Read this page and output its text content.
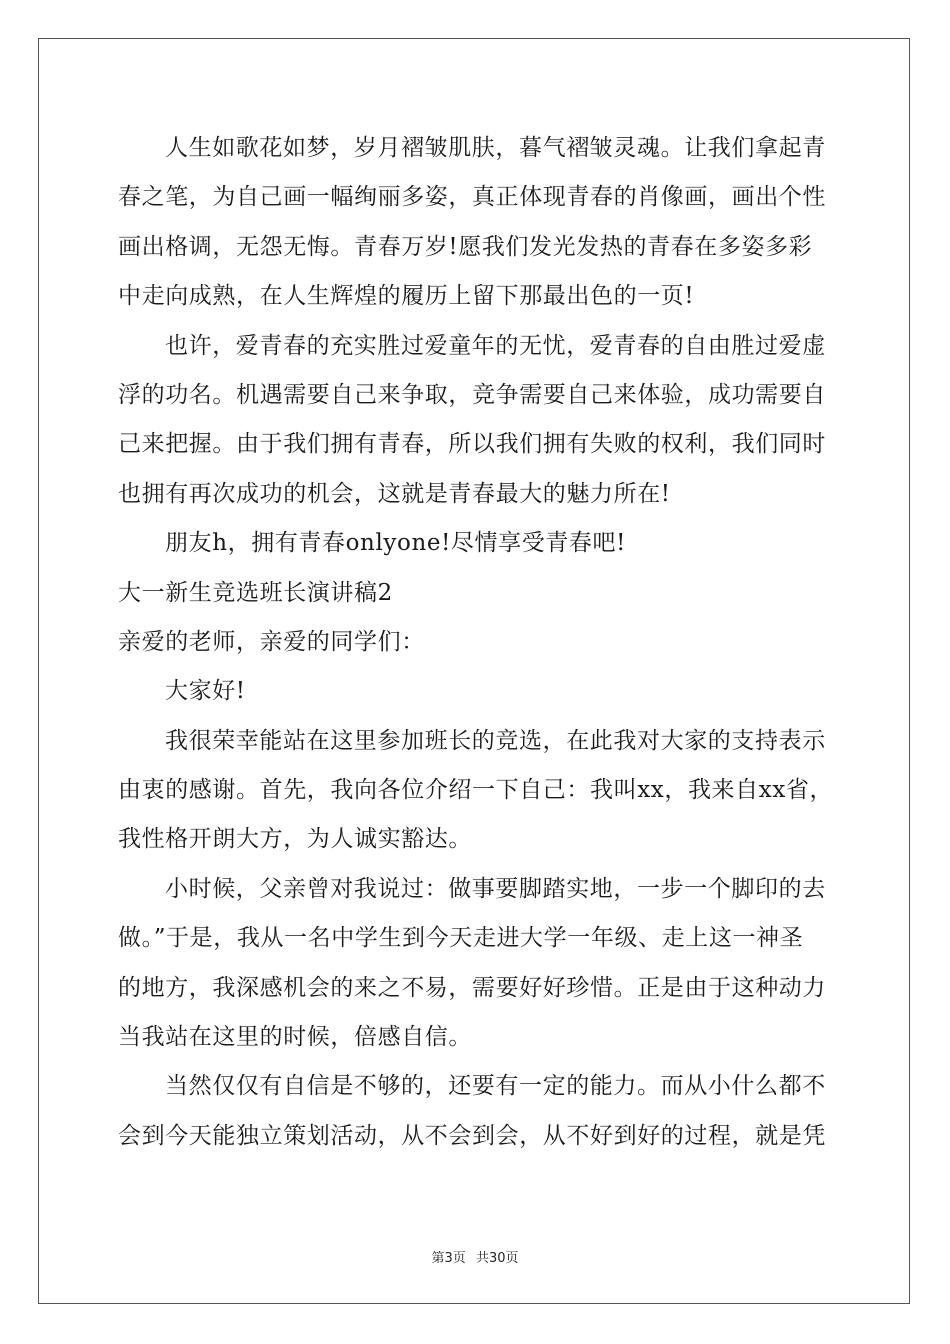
人生如歌花如梦，岁月褶皱肌肤，暮气褶皱灵魂。让我们拿起青
春之笔，为自己画一幅绚丽多姿，真正体现青春的肖像画，画出个性
画出格调，无怨无悔。青春万岁!愿我们发光发热的青春在多姿多彩
中走向成熟，在人生辉煌的履历上留下那最出色的一页!
也许，爱青春的充实胜过爱童年的无忧，爱青春的自由胜过爱虚
浮的功名。机遇需要自己来争取，竞争需要自己来体验，成功需要自
己来把握。由于我们拥有青春，所以我们拥有失败的权利，我们同时
也拥有再次成功的机会，这就是青春最大的魅力所在!
朋友h，拥有青春onlyone!尽情享受青春吧!
大一新生竞选班长演讲稿2
亲爱的老师，亲爱的同学们：
大家好!
我很荣幸能站在这里参加班长的竞选，在此我对大家的支持表示
由衷的感谢。首先，我向各位介绍一下自己：我叫xx，我来自xx省，
我性格开朗大方，为人诚实豁达。
小时候，父亲曾对我说过：做事要脚踏实地，一步一个脚印的去
做。”于是，我从一名中学生到今天走进大学一年级、走上这一神圣
的地方，我深感机会的来之不易，需要好好珍惜。正是由于这种动力
当我站在这里的时候，倍感自信。
当然仅仅有自信是不够的，还要有一定的能力。而从小什么都不
会到今天能独立策划活动，从不会到会，从不好到好的过程，就是凭
第3页 共30页
